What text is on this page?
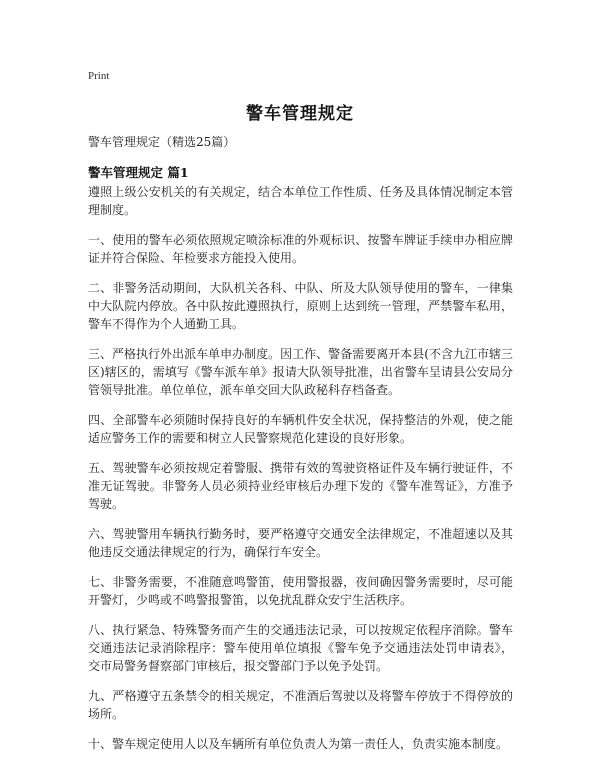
Print
警车管理规定
警车管理规定（精选25篇）
警车管理规定 篇1

遵照上级公安机关的有关规定，结合本单位工作性质、任务及具体情况制定本管理制度。

一、使用的警车必须依照规定喷涂标准的外观标识、按警车牌证手续申办相应牌证并符合保险、年检要求方能投入使用。

二、非警务活动期间，大队机关各科、中队、所及大队领导使用的警车，一律集中大队院内停放。各中队按此遵照执行，原则上达到统一管理，严禁警车私用，警车不得作为个人通勤工具。

三、严格执行外出派车单申办制度。因工作、警备需要离开本县(不含九江市辖三区)辖区的，需填写《警车派车单》报请大队领导批准，出省警车呈请县公安局分管领导批准。单位单位，派车单交回大队政秘科存档备查。

四、全部警车必须随时保持良好的车辆机件安全状况，保持整洁的外观，使之能适应警务工作的需要和树立人民警察规范化建设的良好形象。

五、驾驶警车必须按规定着警服、携带有效的驾驶资格证件及车辆行驶证件，不准无证驾驶。非警务人员必须持业经审核后办理下发的《警车准驾证》，方准予驾驶。

六、驾驶警用车辆执行勤务时，要严格遵守交通安全法律规定，不准超速以及其他违反交通法律规定的行为，确保行车安全。

七、非警务需要，不准随意鸣警笛，使用警报器，夜间确因警务需要时，尽可能开警灯，少鸣或不鸣警报警笛，以免扰乱群众安宁生活秩序。

八、执行紧急、特殊警务而产生的交通违法记录，可以按规定依程序消除。警车交通违法记录消除程序：警车使用单位填报《警车免予交通违法处罚申请表》，交市局警务督察部门审核后，报交警部门予以免予处罚。

九、严格遵守五条禁令的相关规定，不准酒后驾驶以及将警车停放于不得停放的场所。

十、警车规定使用人以及车辆所有单位负责人为第一责任人，负责实施本制度。
